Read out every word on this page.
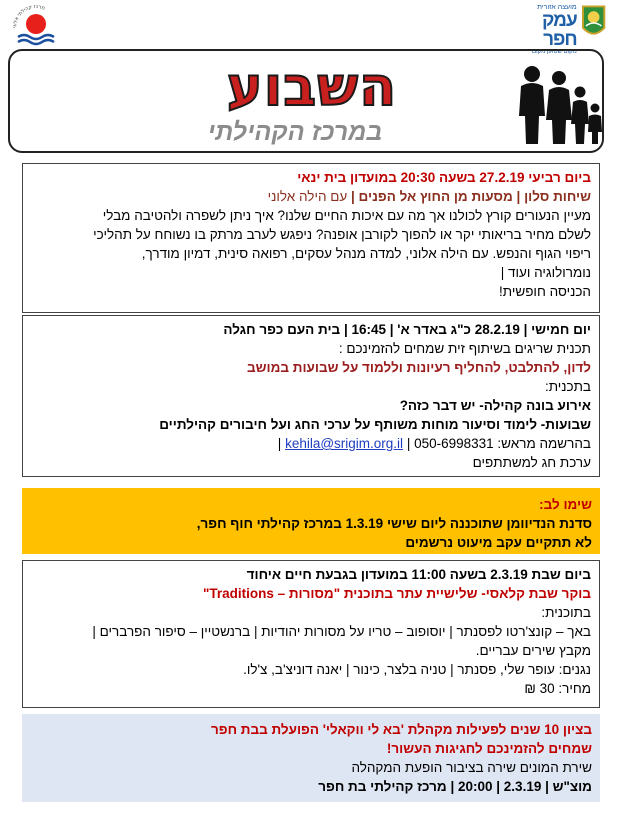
מועצה אזורית
עמק חפר
מקום שטוען מקום
מרכז קהילתי אלוני
השבוע
במרכז הקהילתי
ביום רביעי 27.2.19 בשעה 20:30 במועדון בית ינאי
שיחות סלון | מסעות מן החוץ אל הפנים | עם הילה אלוני
מעיין הנעורים קורץ לכולנו אך מה עם איכות החיים שלנו? איך ניתן לשפרה ולהטיבה מבלי
לשלם מחיר בריאותי יקר או להפוך לקורבן אופנה? ניפגש לערב מרתק בו נשוחח על תהליכי
ריפוי הגוף והנפש. עם הילה אלוני, למדה מנהל עסקים, רפואה סינית, דמיון מודרך,
נומרולוגיה ועוד |
הכניסה חופשית!
יום חמישי | 28.2.19 כ"ג באדר א' | 16:45 | בית העם כפר חגלה
תכנית שריגים בשיתוף זית שמחים להזמינכם :
לדון, להתלבט, להחליף רעיונות וללמוד על שבועות במושב
בתכנית:
אירוע בונה קהילה- יש דבר כזה?
שבועות- לימוד וסיעור מוחות משותף על ערכי החג ועל חיבורים קהילתיים
בהרשמה מראש: 050-6998331 | kehila@srigim.org.il |
ערכת חג למשתתפים
שימו לב:
סדנת הנדיוומן שתוכננה ליום שישי 1.3.19 במרכז קהילתי חוף חפר,
לא תתקיים עקב מיעוט נרשמים
ביום שבת 2.3.19 בשעה 11:00 במועדון בגבעת חיים איחוד
בוקר שבת קלאסי- שלישיית עתר בתוכנית "מסורות – Traditions"
בתוכנית:
באך – קונצ'רטו לפסנתר | יוסופוב – טריו על מסורות יהודיות | ברנשטיין – סיפור הפרברים |
מקבץ שירים עבריים.
נגנים: עופר שלי, פסנתר | טניה בלצר, כינור | יאנה דוניצ'ב, צ'לו.
מחיר: 30 ₪
בציון 10 שנים לפעילות מקהלת 'בא לי ווקאלי' הפועלת בבת חפר
שמחים להזמינכם לחגיגות העשור!
שירת המונים שירה בציבור הופעת המקהלה
מוצ"ש | 2.3.19 | 20:00 | מרכז קהילתי בת חפר
